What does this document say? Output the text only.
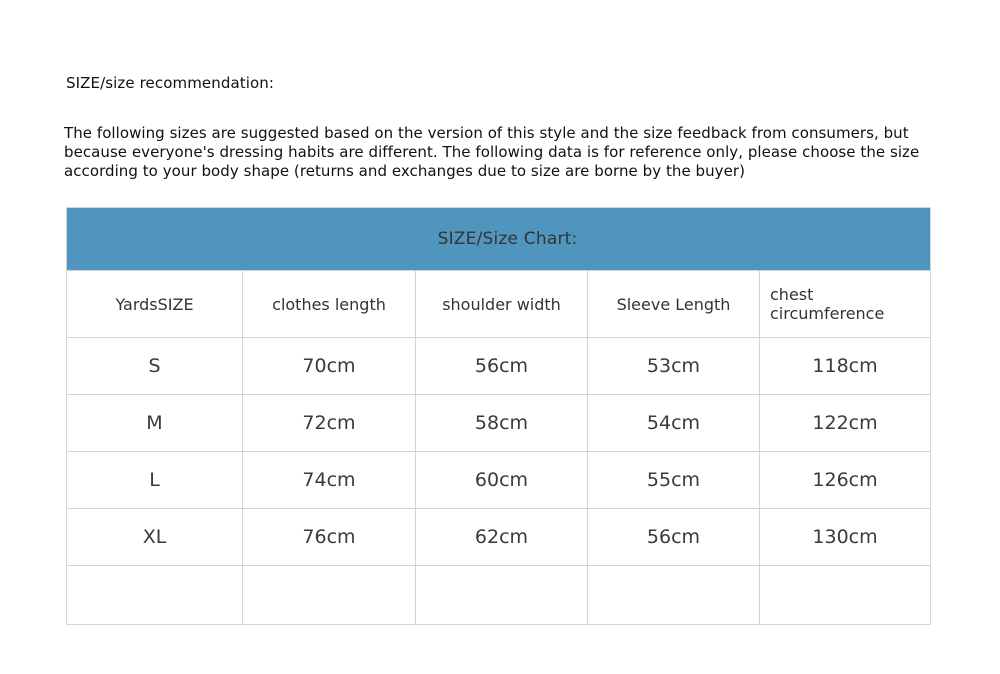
SIZE/size recommendation:
The following sizes are suggested based on the version of this style and the size feedback from consumers, but because everyone's dressing habits are different. The following data is for reference only, please choose the size according to your body shape (returns and exchanges due to size are borne by the buyer)
SIZE/Size Chart:				
YardsSIZE	clothes length	shoulder width	Sleeve Length	chest circumference
S	70cm	56cm	53cm	118cm
M	72cm	58cm	54cm	122cm
L	74cm	60cm	55cm	126cm
XL	76cm	62cm	56cm	130cm
